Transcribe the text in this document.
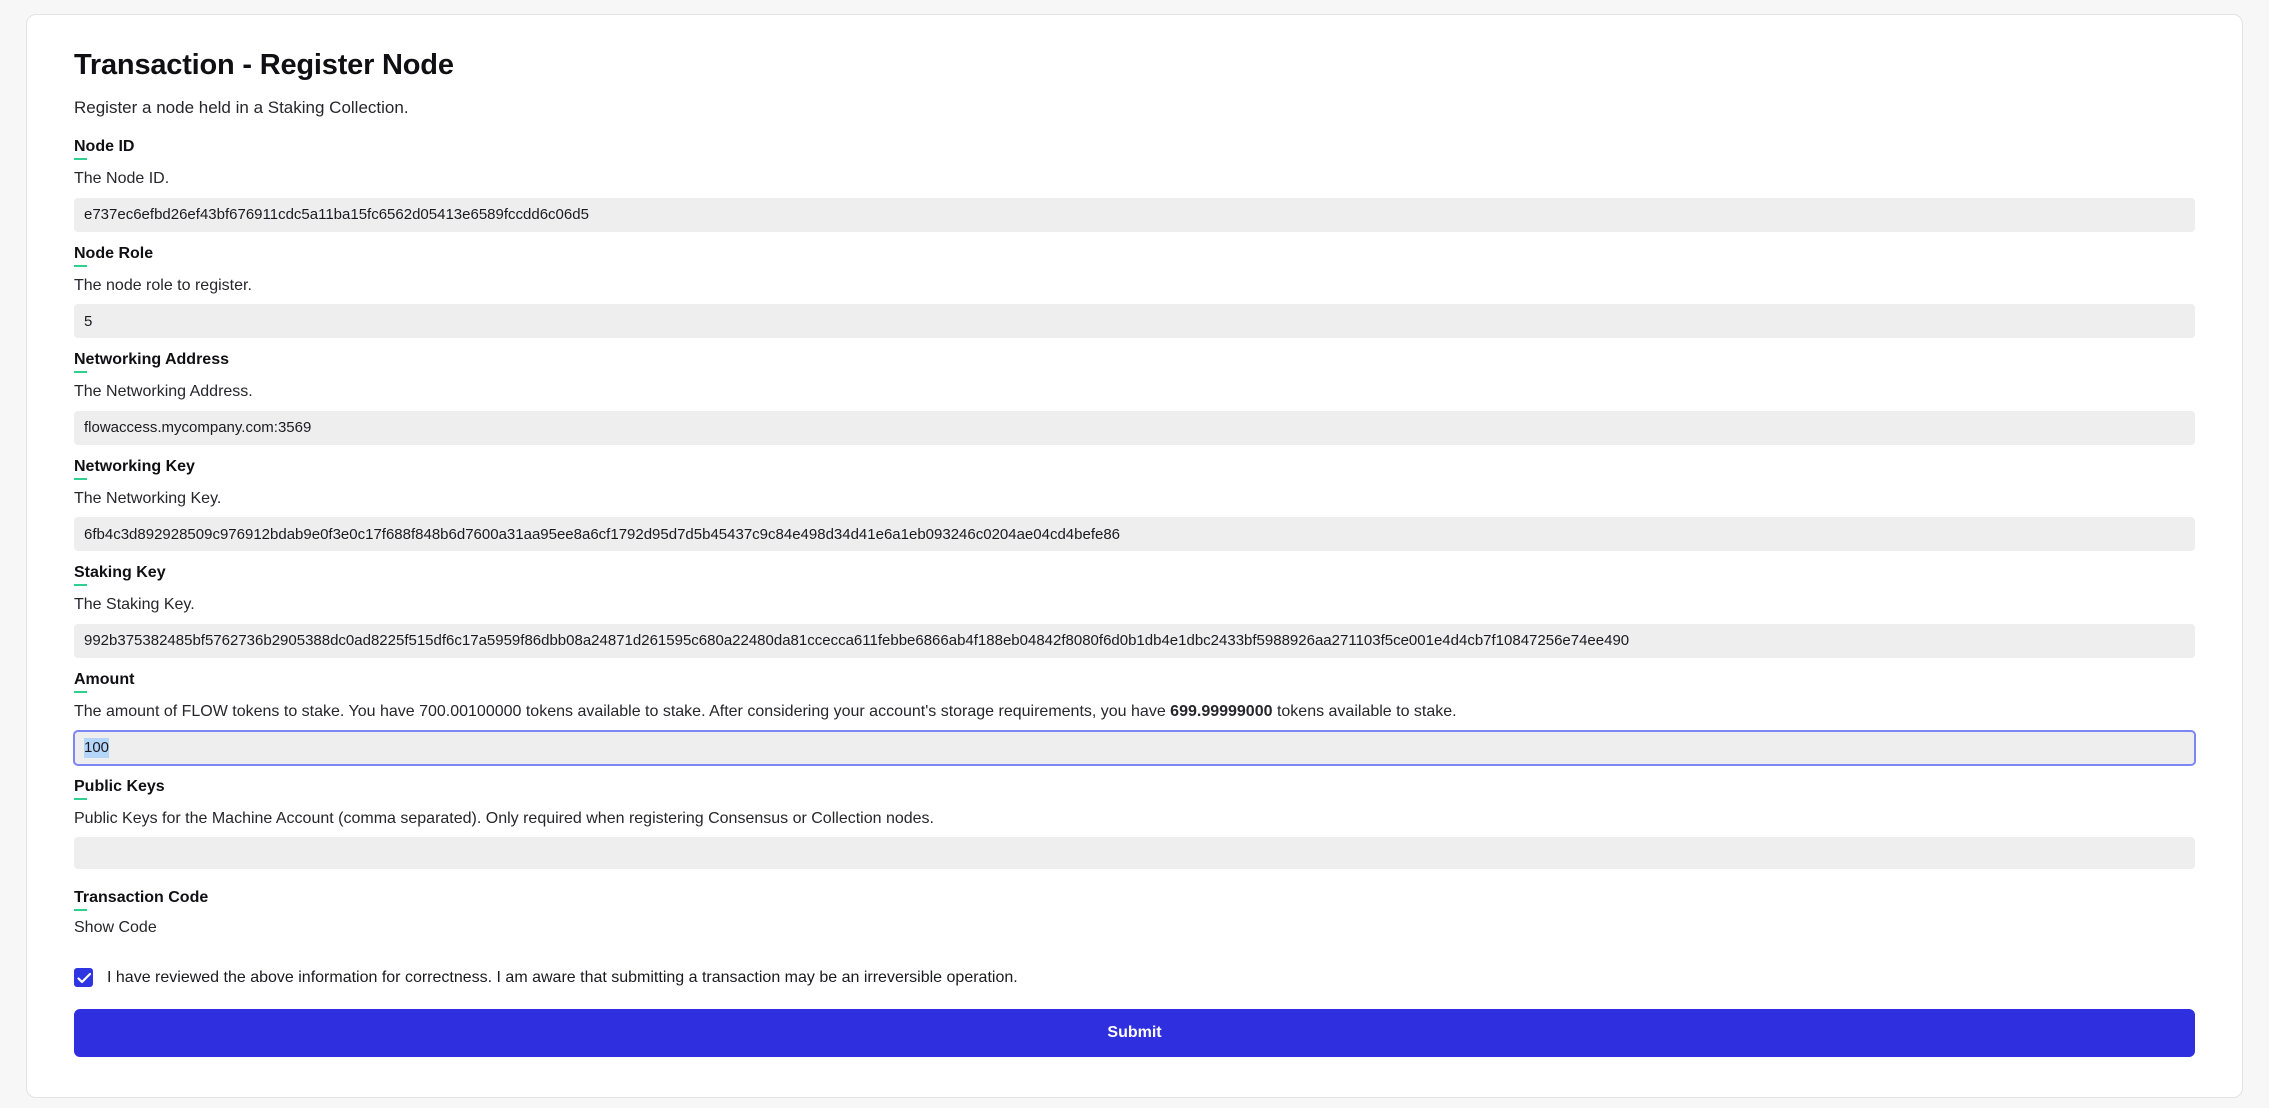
Transaction - Register Node

Register a node held in a Staking Collection.

Node ID
The Node ID.
e737ec6efbd26ef43bf676911cdc5a11ba15fc6562d05413e6589fccdd6c06d5
Node Role
The node role to register.
5
Networking Address
The Networking Address.
flowaccess.mycompany.com:3569
Networking Key
The Networking Key.
6fb4c3d892928509c976912bdab9e0f3e0c17f688f848b6d7600a31aa95ee8a6cf1792d95d7d5b45437c9c84e498d34d41e6a1eb093246c0204ae04cd4befe86
Staking Key
The Staking Key.
992b375382485bf5762736b2905388dc0ad8225f515df6c17a5959f86dbb08a24871d261595c680a22480da81ccecca611febbe6866ab4f188eb04842f8080f6d0b1db4e1dbc2433bf5988926aa271103f5ce001e4d4cb7f10847256e74ee490
Amount
The amount of FLOW tokens to stake. You have 700.00100000 tokens available to stake. After considering your account's storage requirements, you have 699.99999000 tokens available to stake.
100
Public Keys
Public Keys for the Machine Account (comma separated). Only required when registering Consensus or Collection nodes.
Transaction Code
Show Code
I have reviewed the above information for correctness. I am aware that submitting a transaction may be an irreversible operation.
Submit
